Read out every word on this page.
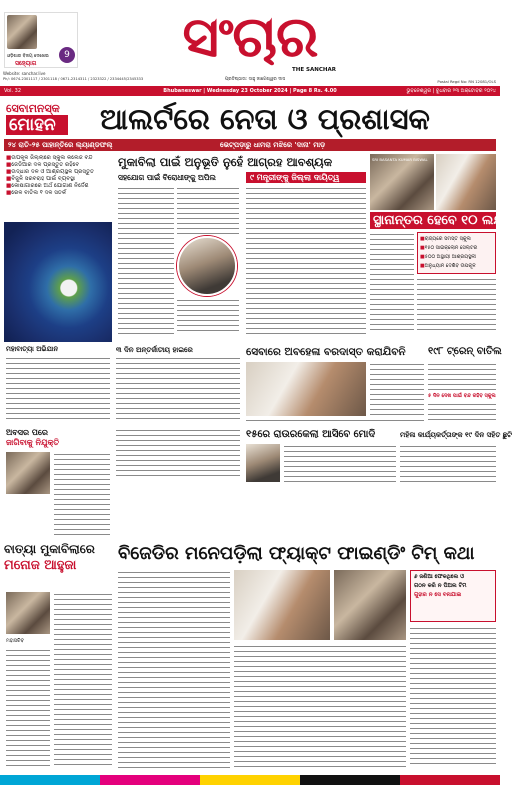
9
ଓଡ଼ିଶାର ବିଜୟ ଦେଖେଇ
ସହ୍ୟୋଗ
Website: sanchar.live
Ph/: 0674-2301117 / 2301118 / 0671-2314311 / 2323322 / 2334445/2345333
ସଂଚାର
THE SANCHAR
ପ୍ରତିଷ୍ଠାତା: ସାହୁ ଜାଗେଶ୍ୱର ଦାସ	Postal Regd No: RN 12081/OLS
Vol. 32	Bhubaneswar | Wednesday 23 October 2024 | Page 8 Rs. 4.00	ଭୁବନେଶ୍ୱର | ବୁଧବାର ୨୩ ଅକ୍ଟୋବର ୨୦୨୪
ସେବାମନସ୍କ
ମୋହନ	ଆଲର୍ଟରେ ନେତା ଓ ପ୍ରଶାସକ
୨୪ ରାତି-୨୫ ପାହାନ୍ତିରେ ଲ୍ୟାଣ୍ଡଫଲ୍	ଭେଟ୍ପଡ଼ାରୁ ଧାମରା ମଝିରେ 'ଦାନା' ମାଡ଼
■ ଉପକୂଳ ଜିଲ୍ଲାରେ ସ୍କୁଲ କଲେଜ ବନ୍ଦ
■ ଜେଡିଆର ଦଳ ପ୍ରସ୍ତୁତ ରହିବେ
■ ଉଦ୍ଧାର ଦଳ ଓ ଆଶ୍ରୟସ୍ଥଳ ପ୍ରସ୍ତୁତ
■ ବିଜୁଳି ସରବରାହ ପାଇଁ ବ୍ୟବସ୍ଥା
■ କୋଷାଗାରରେ ଅର୍ଥ ଯୋଗାଣ ନିର୍ଦ୍ଦେଶ
■ ରେଳ ବାତିଲ ୧ ଦଳ ସତର୍କ
ମୁକାବିଲା ପାଇଁ ଅନୁଭୂତି ନୁହେଁ ଆଗ୍ରହ ଆବଶ୍ୟକ
ସହଯୋଗ ପାଇଁ ବିରୋଧୀଙ୍କୁ ଅପିଲ	୯ ମନ୍ତ୍ରୀଙ୍କୁ ଜିଲ୍ଲା ଦାୟିତ୍ୱ
SRI BASANTA KUMAR BISWAL
ସ୍ଥାନାନ୍ତର ହେବେ ୧୦ ଲକ୍ଷ
■ ରାଜ୍ୟରେ ସମସ୍ତ ସ୍କୁଲ
■ ୧୫୦ ସାଇକ୍ଲୋନ ସେଲ୍ଟର
■ ୫୦୦ ଅସ୍ଥାୟୀ ଆଶ୍ରୟସ୍ଥଳୀ
■ ଅନୁଧ୍ୟାନ ଦେଶିବ ଉପକୂଳ
ମହାବାତ୍ୟା ଅଭିଯାନ	୩ ଦିନ ଅନ୍ତର୍ଜାତୀୟ ହାଇରେ	ସେବାରେ ଅବହେଳା ବରଦାସ୍ତ କରାଯିବନି	୧୯୮ ଟ୍ରେନ୍ ବାତିଲ
୫ ଦିନ ଦେଖ ପାଇଁ ବନ୍ଦ ରହିବ ସ୍କୁଲ
ଅବସର ପରେ
ଜାଗିବାକୁ ନିଯୁକ୍ତି
୧୫ରେ ରାଉରକେଲା ଆସିବେ ମୋଦି	ମହିଳା କାର୍ଯ୍ୟକର୍ତ୍ତାଙ୍କ ୧୯ ଦିନ ସହିତ ଛୁଟି
ବାତ୍ୟା ମୁକାବିଲାରେ
ମନୋଜ ଆହୁଜା
ମହାସଚିବ
ବିଜେଡିର ମନେପଡ଼ିଲା ଫ୍ୟାକ୍ଟ ଫାଇଣ୍ଡିଂ ଟିମ୍ କଥା
୬ ଜଣିଆ ଫେକଥିଲେ ଓ
ଗଠନ କରି ନ ପିଅଲ ଟିମ
ଗୁହାର ନ ସେ ବନାଯାଇ
